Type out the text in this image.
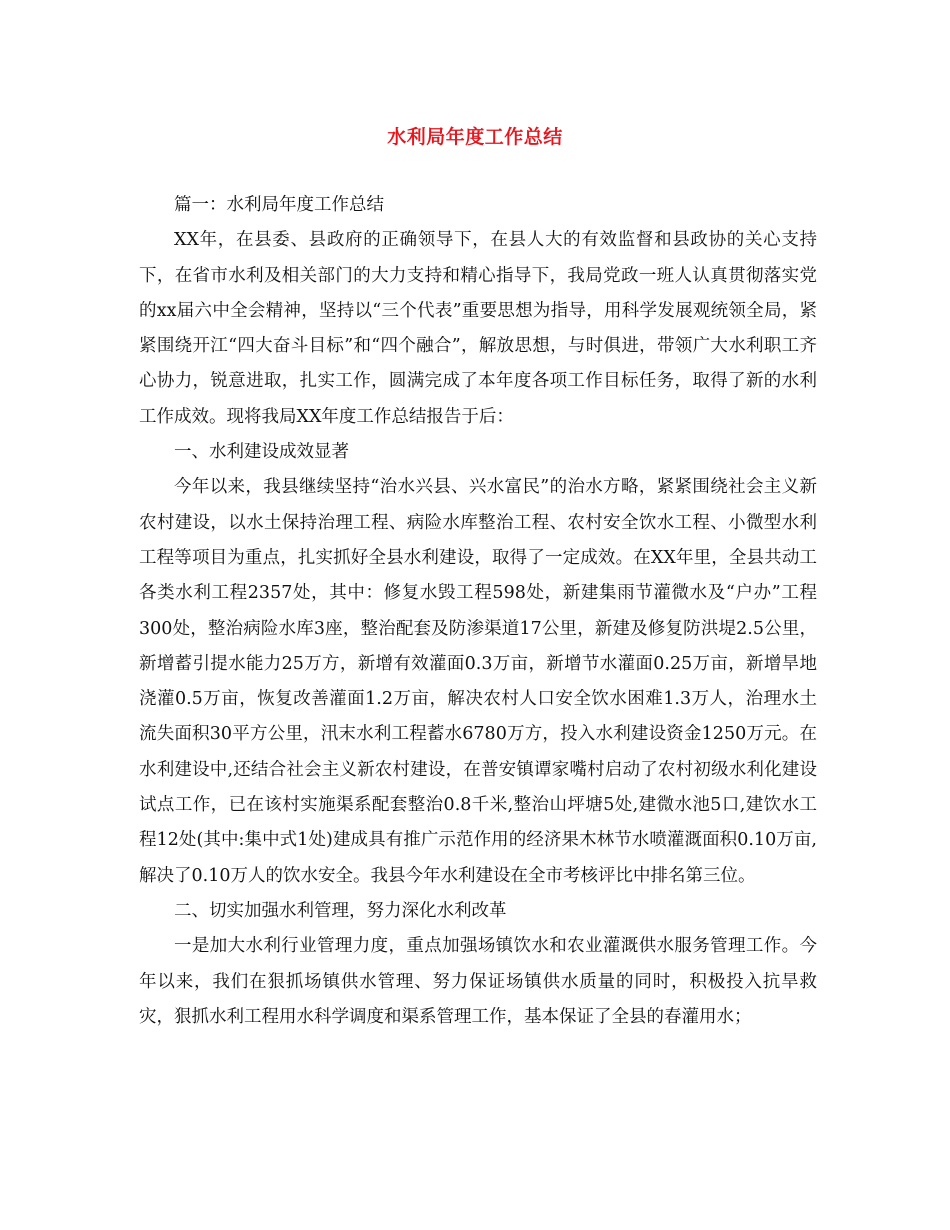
水利局年度工作总结

篇一：水利局年度工作总结

XX年，在县委、县政府的正确领导下，在县人大的有效监督和县政协的关心支持下，在省市水利及相关部门的大力支持和精心指导下，我局党政一班人认真贯彻落实党的xx届六中全会精神，坚持以“三个代表”重要思想为指导，用科学发展观统领全局，紧紧围绕开江“四大奋斗目标”和“四个融合”，解放思想，与时俱进，带领广大水利职工齐心协力，锐意进取，扎实工作，圆满完成了本年度各项工作目标任务，取得了新的水利工作成效。现将我局XX年度工作总结报告于后：

一、水利建设成效显著

今年以来，我县继续坚持“治水兴县、兴水富民”的治水方略，紧紧围绕社会主义新农村建设，以水土保持治理工程、病险水库整治工程、农村安全饮水工程、小微型水利工程等项目为重点，扎实抓好全县水利建设，取得了一定成效。在XX年里，全县共动工各类水利工程2357处，其中：修复水毁工程598处，新建集雨节灌微水及“户办”工程300处，整治病险水库3座，整治配套及防渗渠道17公里，新建及修复防洪堤2.5公里，新增蓄引提水能力25万方，新增有效灌面0.3万亩，新增节水灌面0.25万亩，新增旱地浇灌0.5万亩，恢复改善灌面1.2万亩，解决农村人口安全饮水困难1.3万人，治理水土流失面积30平方公里，汛末水利工程蓄水6780万方，投入水利建设资金1250万元。在水利建设中,还结合社会主义新农村建设，在普安镇谭家嘴村启动了农村初级水利化建设试点工作，已在该村实施渠系配套整治0.8千米,整治山坪塘5处,建微水池5口,建饮水工程12处(其中:集中式1处)建成具有推广示范作用的经济果木林节水喷灌溉面积0.10万亩,解决了0.10万人的饮水安全。我县今年水利建设在全市考核评比中排名第三位。

二、切实加强水利管理，努力深化水利改革

一是加大水利行业管理力度，重点加强场镇饮水和农业灌溉供水服务管理工作。今年以来，我们在狠抓场镇供水管理、努力保证场镇供水质量的同时，积极投入抗旱救灾，狠抓水利工程用水科学调度和渠系管理工作，基本保证了全县的春灌用水；
